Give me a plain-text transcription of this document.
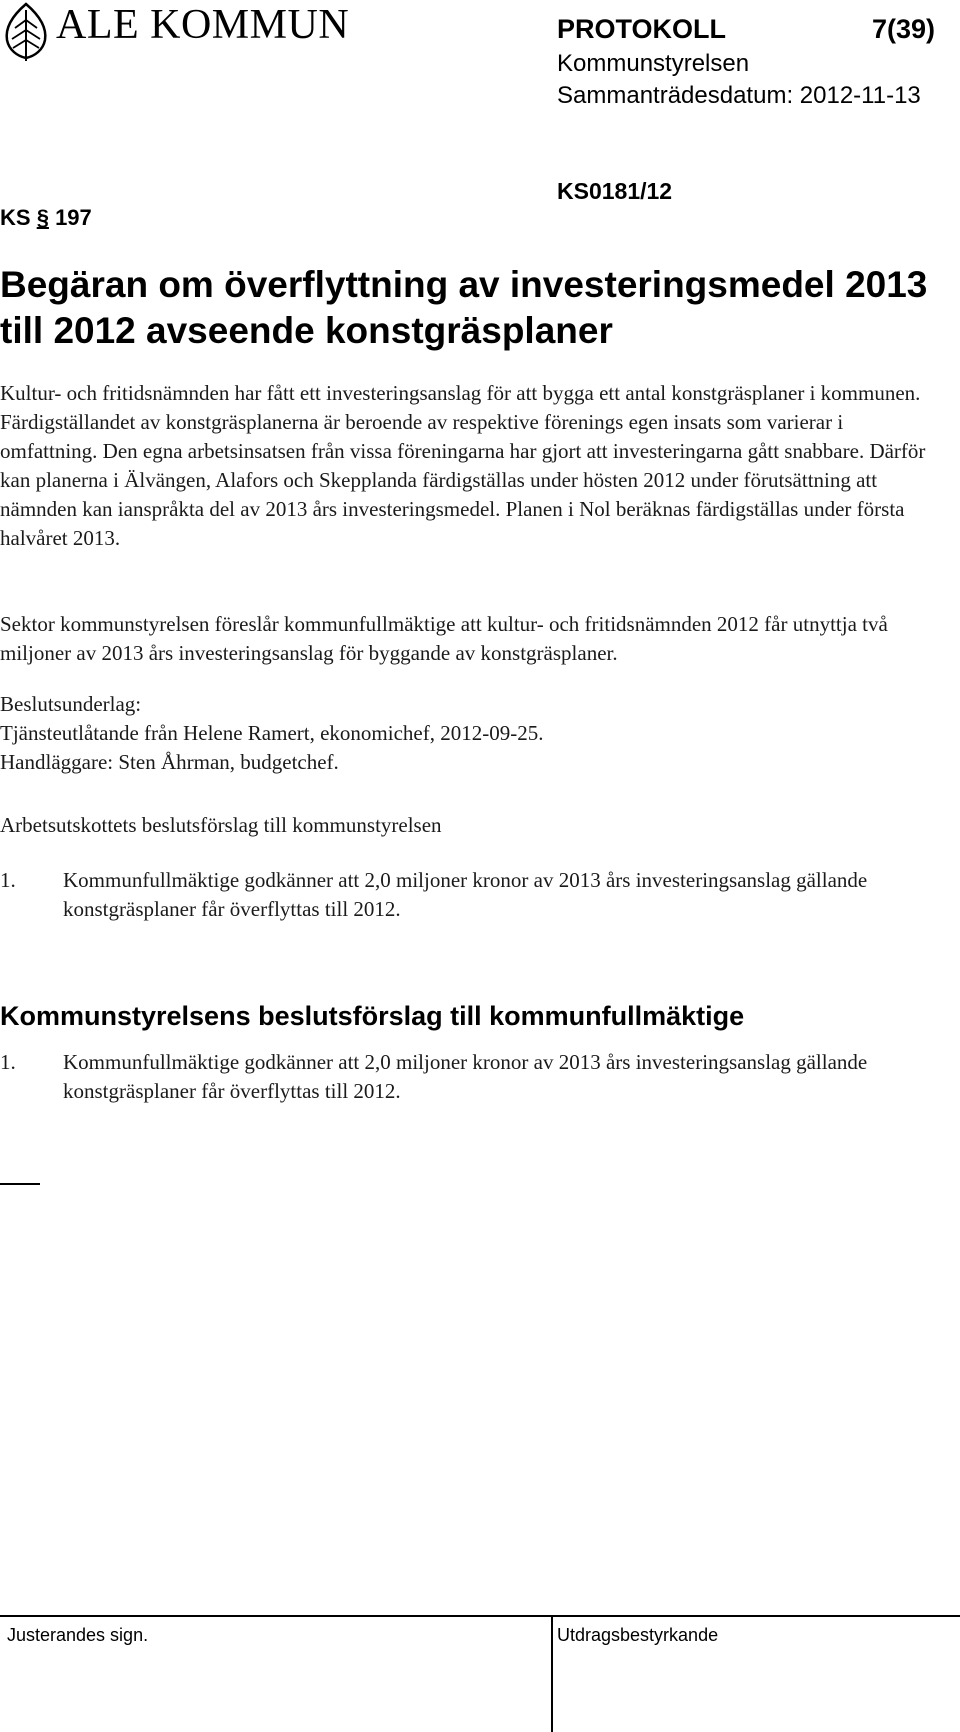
ALE KOMMUN	PROTOKOLL	7(39)
Kommunstyrelsen
Sammanträdesdatum: 2012-11-13
KS0181/12
KS § 197
Begäran om överflyttning av investeringsmedel 2013 till 2012 avseende konstgräsplaner

Kultur- och fritidsnämnden har fått ett investeringsanslag för att bygga ett antal konstgräsplaner i kommunen. Färdigställandet av konstgräsplanerna är beroende av respektive förenings egen insats som varierar i omfattning. Den egna arbetsinsatsen från vissa föreningarna har gjort att investeringarna gått snabbare. Därför kan planerna i Älvängen, Alafors och Skepplanda färdigställas under hösten 2012 under förutsättning att nämnden kan ianspråkta del av 2013 års investeringsmedel. Planen i Nol beräknas färdigställas under första halvåret 2013.

Sektor kommunstyrelsen föreslår kommunfullmäktige att kultur- och fritidsnämnden 2012 får utnyttja två miljoner av 2013 års investeringsanslag för byggande av konstgräsplaner.

Beslutsunderlag:
Tjänsteutlåtande från Helene Ramert, ekonomichef, 2012-09-25.
Handläggare: Sten Åhrman, budgetchef.
Arbetsutskottets beslutsförslag till kommunstyrelsen
1.	Kommunfullmäktige godkänner att 2,0 miljoner kronor av 2013 års investeringsanslag gällande konstgräsplaner får överflyttas till 2012.
Kommunstyrelsens beslutsförslag till kommunfullmäktige
1.	Kommunfullmäktige godkänner att 2,0 miljoner kronor av 2013 års investeringsanslag gällande konstgräsplaner får överflyttas till 2012.
Justerandes sign.	Utdragsbestyrkande
